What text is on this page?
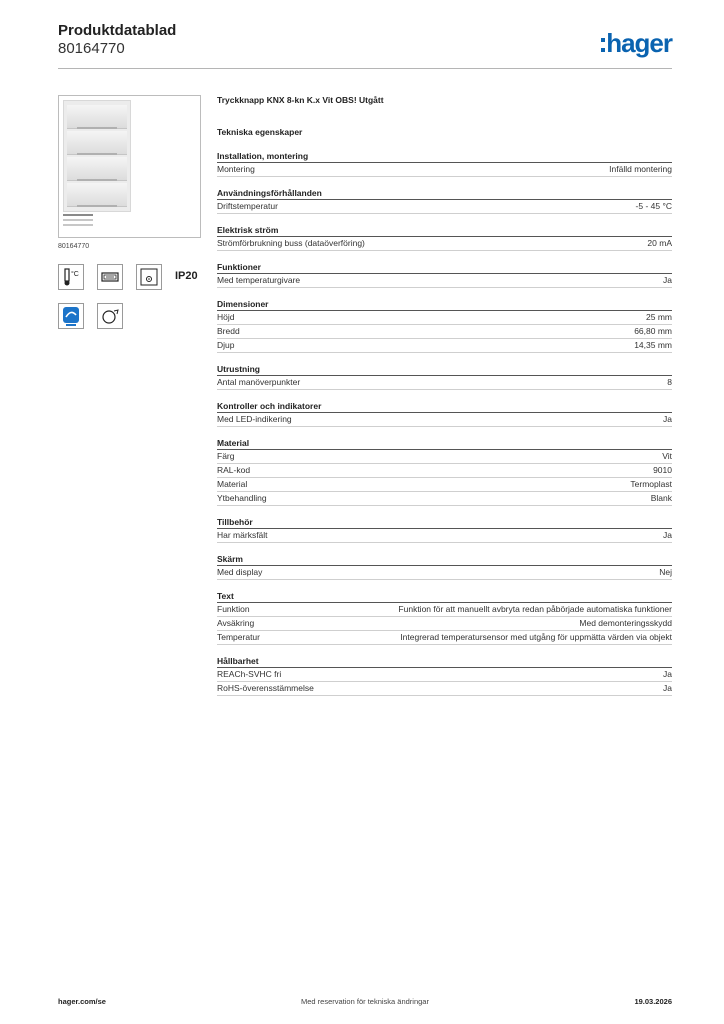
Produktdatablad
80164770	hager
80164770
°C	IP20
Tryckknapp KNX 8-kn K.x Vit OBS! Utgått
Tekniska egenskaper
Installation, montering
Montering	Infälld montering
Användningsförhållanden
Driftstemperatur	-5 - 45 °C
Elektrisk ström
Strömförbrukning buss (dataöverföring)	20 mA
Funktioner
Med temperaturgivare	Ja
Dimensioner
Höjd	25 mm
Bredd	66,80 mm
Djup	14,35 mm
Utrustning
Antal manöverpunkter	8
Kontroller och indikatorer
Med LED-indikering	Ja
Material
Färg	Vit
RAL-kod	9010
Material	Termoplast
Ytbehandling	Blank
Tillbehör
Har märksfält	Ja
Skärm
Med display	Nej
Text
Funktion	Funktion för att manuellt avbryta redan påbörjade automatiska funktioner
Avsäkring	Med demonteringsskydd
Temperatur	Integrerad temperatursensor med utgång för uppmätta värden via objekt
Hållbarhet
REACh-SVHC fri	Ja
RoHS-överensstämmelse	Ja
hager.com/se	Med reservation för tekniska ändringar	19.03.2026
